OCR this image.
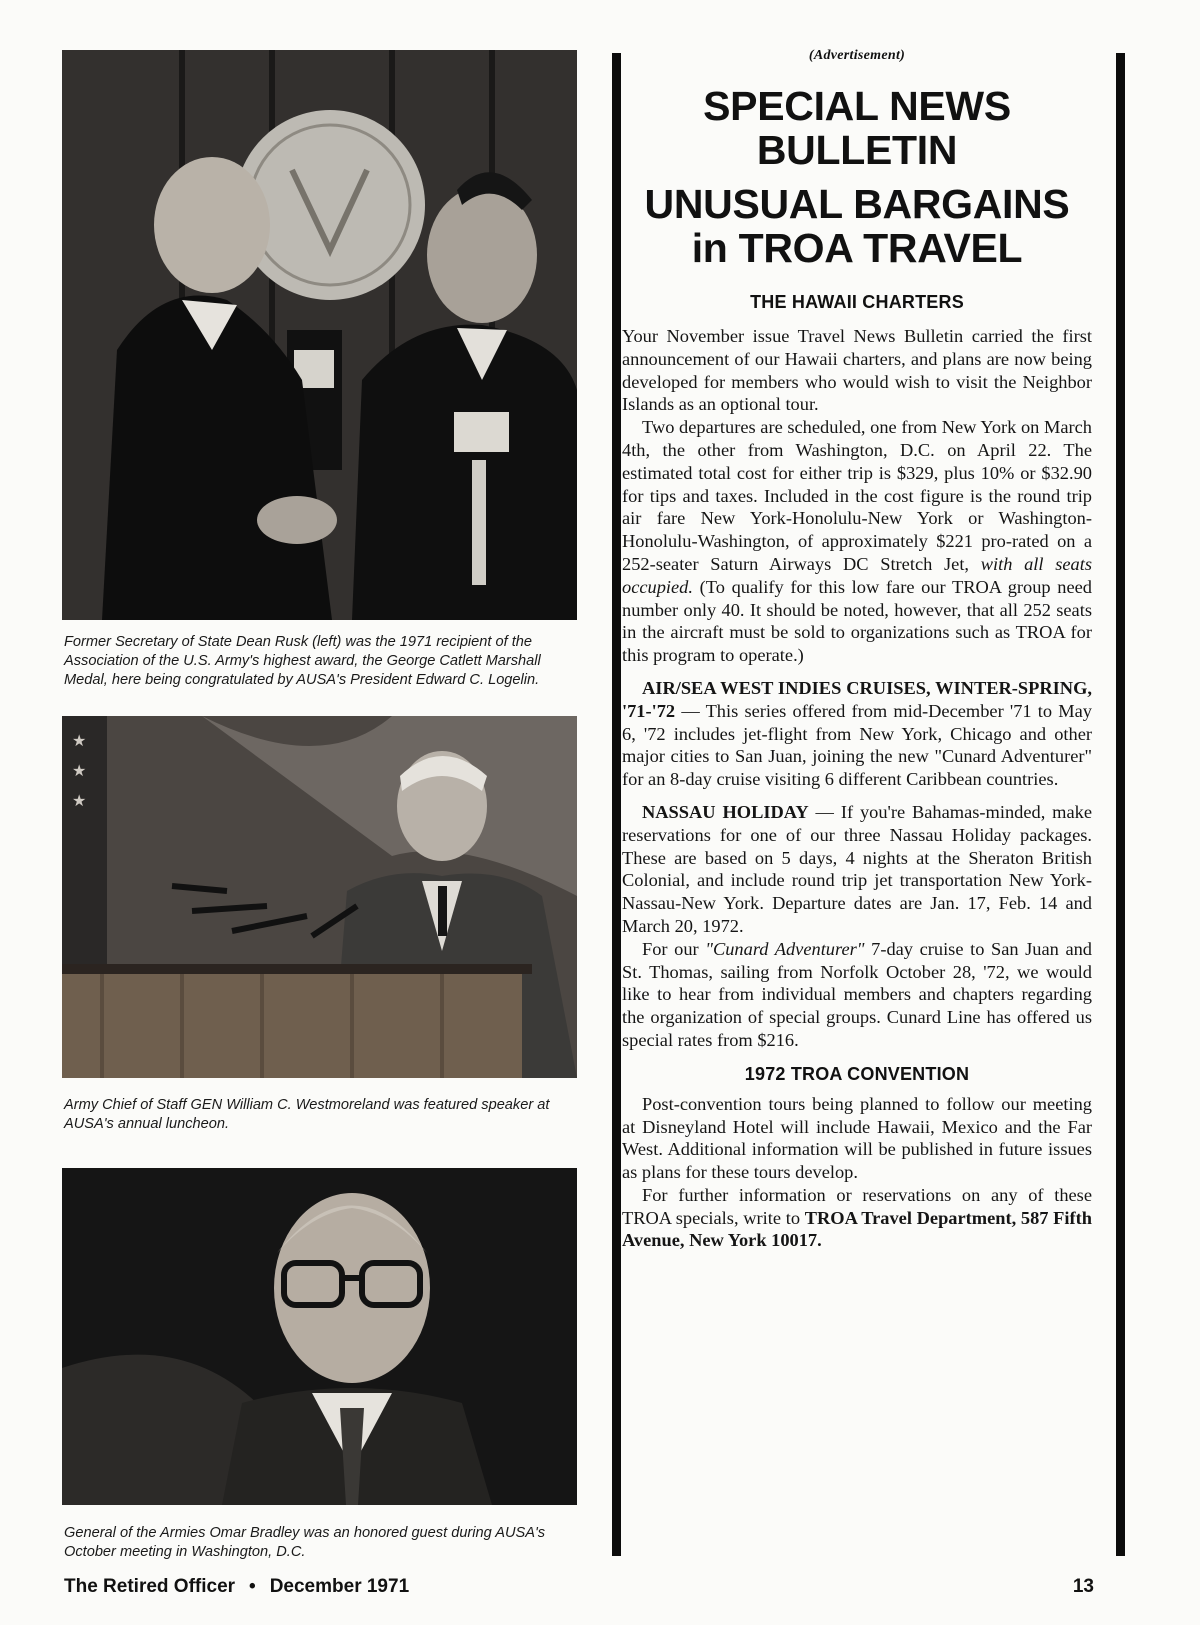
Former Secretary of State Dean Rusk (left) was the 1971 recipient of the Association of the U.S. Army's highest award, the George Catlett Marshall Medal, here being congratulated by AUSA's President Edward C. Logelin.

★
★
★

Army Chief of Staff GEN William C. Westmoreland was featured speaker at AUSA's annual luncheon.

General of the Armies Omar Bradley was an honored guest during AUSA's October meeting in Washington, D.C.

(Advertisement)

SPECIAL NEWS
BULLETIN
UNUSUAL BARGAINS
in TROA TRAVEL
THE HAWAII CHARTERS

Your November issue Travel News Bulletin carried the first announcement of our Hawaii charters, and plans are now being developed for members who would wish to visit the Neighbor Islands as an optional tour.

Two departures are scheduled, one from New York on March 4th, the other from Washington, D.C. on April 22. The estimated total cost for either trip is $329, plus 10% or $32.90 for tips and taxes. Included in the cost figure is the round trip air fare New York-Honolulu-New York or Washington-Honolulu-Washington, of approximately $221 pro-rated on a 252-seater Saturn Airways DC Stretch Jet, with all seats occupied. (To qualify for this low fare our TROA group need number only 40. It should be noted, however, that all 252 seats in the aircraft must be sold to organizations such as TROA for this program to operate.)

AIR/SEA WEST INDIES CRUISES, WINTER-SPRING, '71-'72 — This series offered from mid-December '71 to May 6, '72 includes jet-flight from New York, Chicago and other major cities to San Juan, joining the new "Cunard Adventurer" for an 8-day cruise visiting 6 different Caribbean countries.

NASSAU HOLIDAY — If you're Bahamas-minded, make reservations for one of our three Nassau Holiday packages. These are based on 5 days, 4 nights at the Sheraton British Colonial, and include round trip jet transportation New York-Nassau-New York. Departure dates are Jan. 17, Feb. 14 and March 20, 1972.

For our "Cunard Adventurer" 7-day cruise to San Juan and St. Thomas, sailing from Norfolk October 28, '72, we would like to hear from individual members and chapters regarding the organization of special groups. Cunard Line has offered us special rates from $216.

1972 TROA CONVENTION

Post-convention tours being planned to follow our meeting at Disneyland Hotel will include Hawaii, Mexico and the Far West. Additional information will be published in future issues as plans for these tours develop.

For further information or reservations on any of these TROA specials, write to TROA Travel Department, 587 Fifth Avenue, New York 10017.

The Retired Officer • December 1971	13
